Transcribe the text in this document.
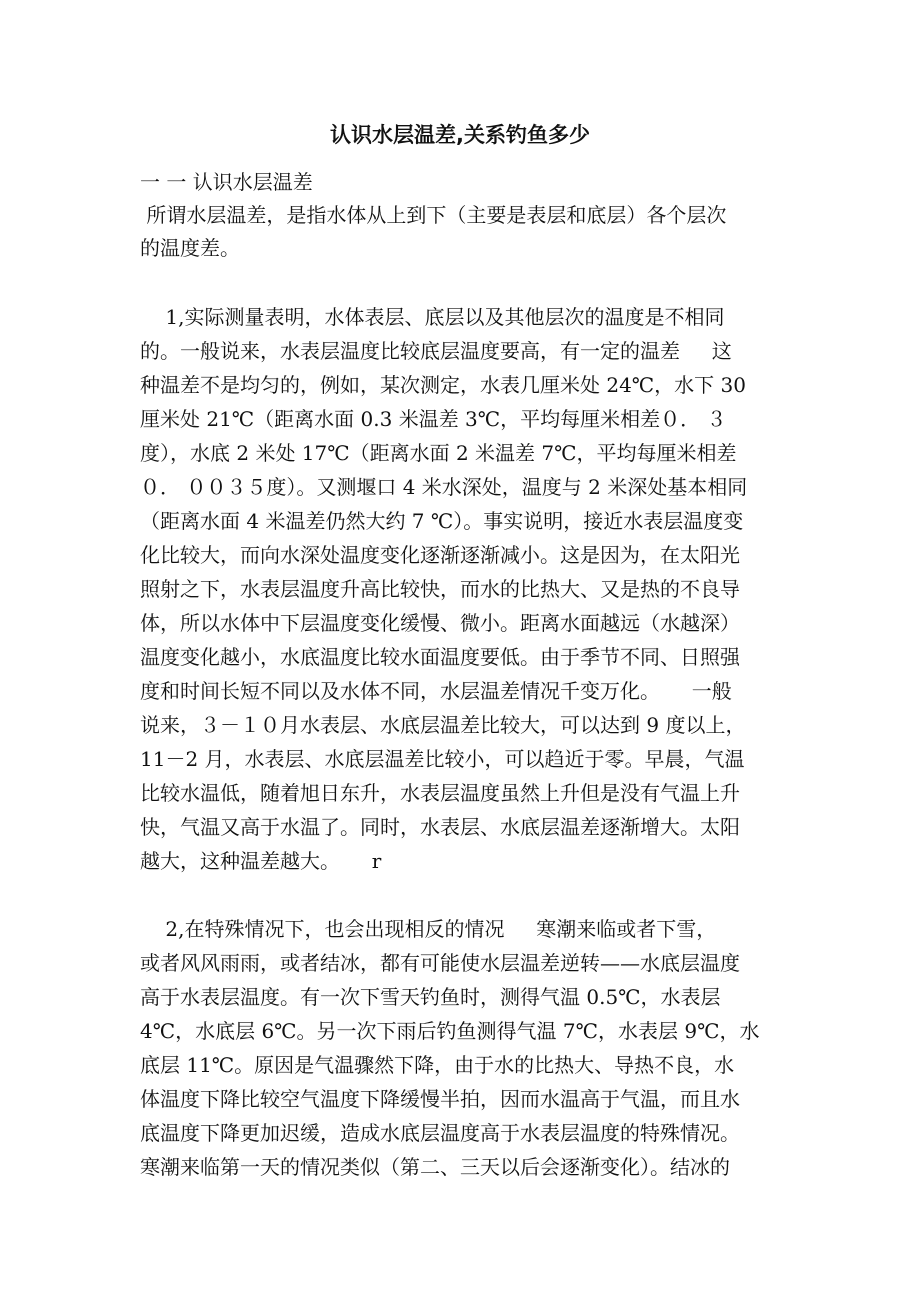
认识水层温差,关系钓鱼多少
一 一 认识水层温差
所谓水层温差，是指水体从上到下（主要是表层和底层）各个层次
的温度差。
1,实际测量表明，水体表层、底层以及其他层次的温度是不相同
的。一般说来，水表层温度比较底层温度要高，有一定的温差     这
种温差不是均匀的，例如，某次测定，水表几厘米处 24℃，水下 30
厘米处 21℃（距离水面 0.3 米温差 3℃，平均每厘米相差０． ３
度），水底 2 米处 17℃（距离水面 2 米温差 7℃，平均每厘米相差
０． ００３５度）。又测堰口 4 米水深处，温度与 2 米深处基本相同
（距离水面 4 米温差仍然大约 7 ℃）。事实说明，接近水表层温度变
化比较大，而向水深处温度变化逐渐逐渐减小。这是因为，在太阳光
照射之下，水表层温度升高比较快，而水的比热大、又是热的不良导
体，所以水体中下层温度变化缓慢、微小。距离水面越远（水越深）
温度变化越小，水底温度比较水面温度要低。由于季节不同、日照强
度和时间长短不同以及水体不同，水层温差情况千变万化。     一般
说来，３－１０月水表层、水底层温差比较大，可以达到 9 度以上，
11－2 月，水表层、水底层温差比较小，可以趋近于零。早晨，气温
比较水温低，随着旭日东升，水表层温度虽然上升但是没有气温上升
快，气温又高于水温了。同时，水表层、水底层温差逐渐增大。太阳
越大，这种温差越大。     r
2,在特殊情况下，也会出现相反的情况     寒潮来临或者下雪，
或者风风雨雨，或者结冰，都有可能使水层温差逆转——水底层温度
高于水表层温度。有一次下雪天钓鱼时，测得气温 0.5℃，水表层
4℃，水底层 6℃。另一次下雨后钓鱼测得气温 7℃，水表层 9℃，水
底层 11℃。原因是气温骤然下降，由于水的比热大、导热不良，水
体温度下降比较空气温度下降缓慢半拍，因而水温高于气温，而且水
底温度下降更加迟缓，造成水底层温度高于水表层温度的特殊情况。
寒潮来临第一天的情况类似（第二、三天以后会逐渐变化）。结冰的
